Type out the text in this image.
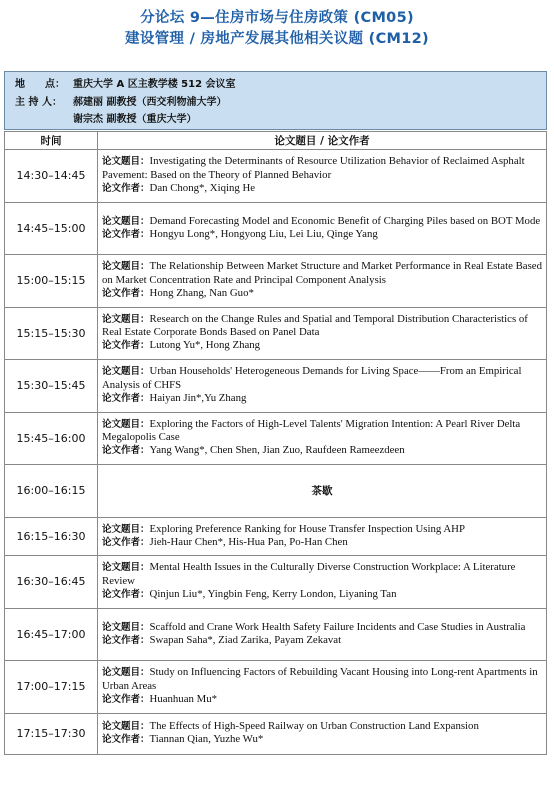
分论坛 9—住房市场与住房政策 (CM05)
建设管理 / 房地产发展其他相关议题 (CM12)
地　　点： 重庆大学 A 区主教学楼 512 会议室
主 持 人： 郝建丽 副教授（西交利物浦大学）
谢宗杰 副教授（重庆大学）
时间	论文题目 / 论文作者
14:30–14:45	论文题目：Investigating the Determinants of Resource Utilization Behavior of Reclaimed Asphalt Pavement: Based on the Theory of Planned Behavior
论文作者：Dan Chong*, Xiqing He

14:45–15:00	论文题目：Demand Forecasting Model and Economic Benefit of Charging Piles based on BOT Mode
论文作者：Hongyu Long*, Hongyong Liu, Lei Liu, Qinge Yang

15:00–15:15	论文题目：The Relationship Between Market Structure and Market Performance in Real Estate Based on Market Concentration Rate and Principal Component Analysis
论文作者：Hong Zhang, Nan Guo*

15:15–15:30	论文题目：Research on the Change Rules and Spatial and Temporal Distribution Characteristics of Real Estate Corporate Bonds Based on Panel Data
论文作者：Lutong Yu*, Hong Zhang

15:30–15:45	论文题目：Urban Households' Heterogeneous Demands for Living Space——From an Empirical Analysis of CHFS
论文作者：Haiyan Jin*,Yu Zhang

15:45–16:00	论文题目：Exploring the Factors of High-Level Talents' Migration Intention: A Pearl River Delta Megalopolis Case
论文作者：Yang Wang*, Chen Shen, Jian Zuo, Raufdeen Rameezdeen

16:00–16:15	茶歇
16:15–16:30	论文题目：Exploring Preference Ranking for House Transfer Inspection Using AHP
论文作者：Jieh-Haur Chen*, His-Hua Pan, Po-Han Chen

16:30–16:45	论文题目：Mental Health Issues in the Culturally Diverse Construction Workplace: A Literature Review
论文作者：Qinjun Liu*, Yingbin Feng, Kerry London, Liyaning Tan

16:45–17:00	论文题目：Scaffold and Crane Work Health Safety Failure Incidents and Case Studies in Australia
论文作者：Swapan Saha*, Ziad Zarika, Payam Zekavat

17:00–17:15	论文题目：Study on Influencing Factors of Rebuilding Vacant Housing into Long-rent Apartments in Urban Areas
论文作者：Huanhuan Mu*

17:15–17:30	论文题目：The Effects of High-Speed Railway on Urban Construction Land Expansion
论文作者：Tiannan Qian, Yuzhe Wu*
